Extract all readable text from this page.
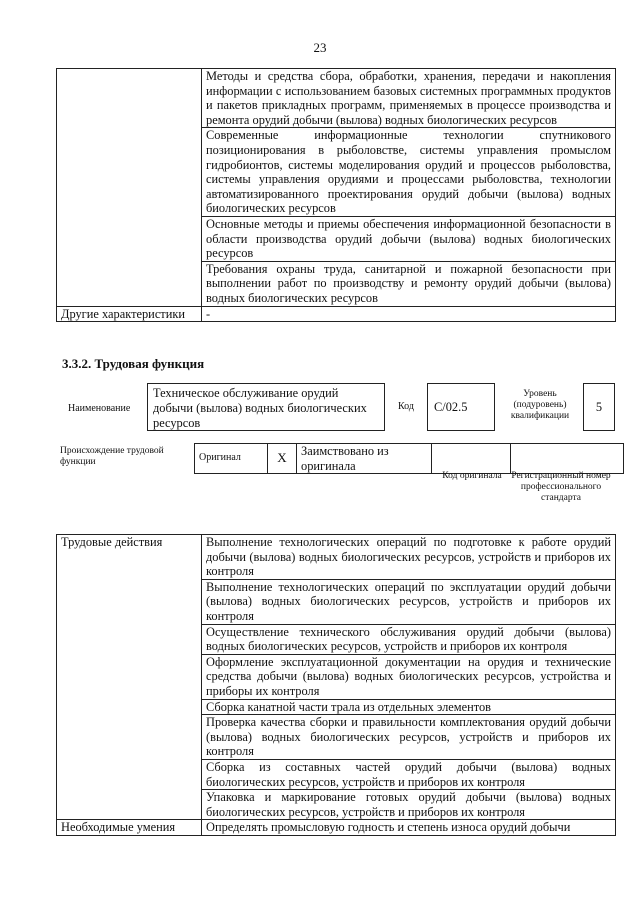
23
	Методы и средства сбора, обработки, хранения, передачи и накопления информации с использованием базовых системных программных продуктов и пакетов прикладных программ, применяемых в процессе производства и ремонта орудий добычи (вылова) водных биологических ресурсов
	Современные информационные технологии спутникового позиционирования в рыболовстве, системы управления промыслом гидробионтов, системы моделирования орудий и процессов рыболовства, системы управления орудиями и процессами рыболовства, технологии автоматизированного проектирования орудий добычи (вылова) водных биологических ресурсов
	Основные методы и приемы обеспечения информационной безопасности в области производства орудий добычи (вылова) водных биологических ресурсов
	Требования охраны труда, санитарной и пожарной безопасности при выполнении работ по производству и ремонту орудий добычи (вылова) водных биологических ресурсов
Другие характеристики	-
3.3.2. Трудовая функция
Наименование
Техническое обслуживание орудий добычи (вылова) водных биологических ресурсов
Код	С/02.5
Уровень (подуровень) квалификации
5
Происхождение трудовой функции	Оригинал	X	Заимствовано из оригинала		
Код оригинала	Регистрационный номер профессионального стандарта
Трудовые действия	Выполнение технологических операций по подготовке к работе орудий добычи (вылова) водных биологических ресурсов, устройств и приборов их контроля
	Выполнение технологических операций по эксплуатации орудий добычи (вылова) водных биологических ресурсов, устройств и приборов их контроля
	Осуществление технического обслуживания орудий добычи (вылова) водных биологических ресурсов, устройств и приборов их контроля
	Оформление эксплуатационной документации на орудия и технические средства добычи (вылова) водных биологических ресурсов, устройства и приборы их контроля
	Сборка канатной части трала из отдельных элементов
	Проверка качества сборки и правильности комплектования орудий добычи (вылова) водных биологических ресурсов, устройств и приборов их контроля
	Сборка из составных частей орудий добычи (вылова) водных биологических ресурсов, устройств и приборов их контроля
	Упаковка и маркирование готовых орудий добычи (вылова) водных биологических ресурсов, устройств и приборов их контроля
Необходимые умения	Определять промысловую годность и степень износа орудий добычи
